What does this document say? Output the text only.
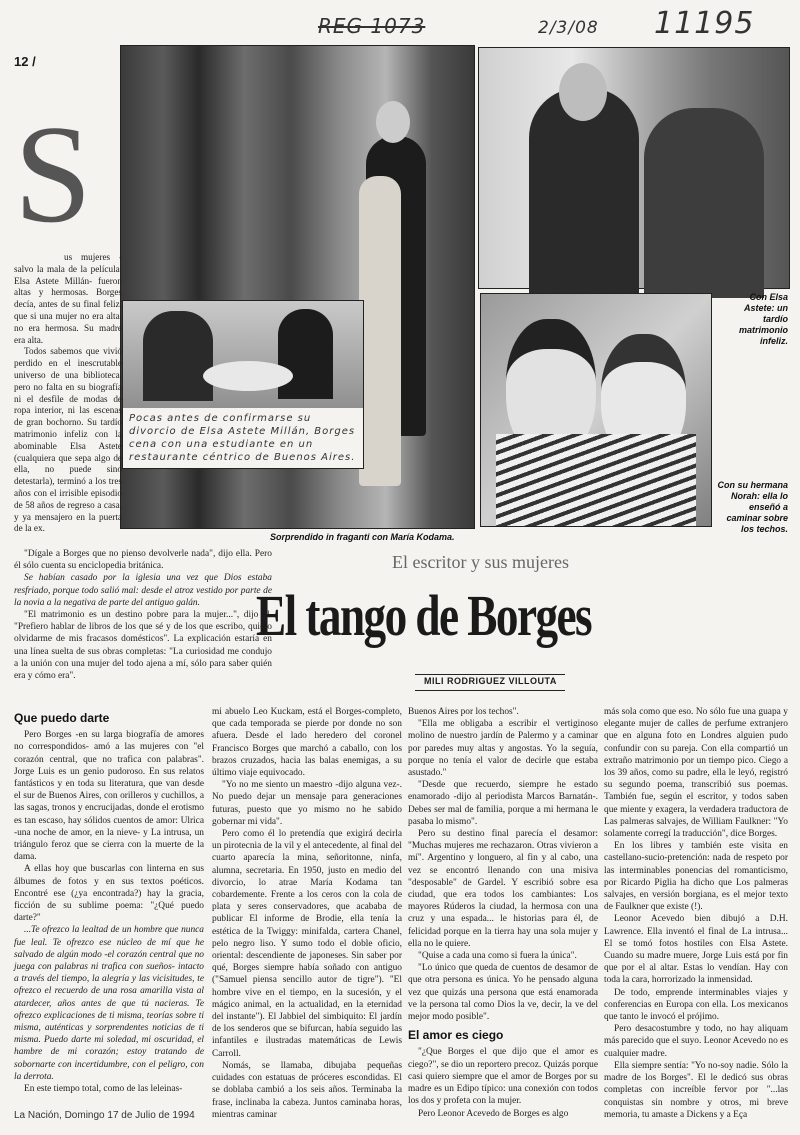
REG 1073	2/3/08 11195
12 /
S
Pocas antes de confirmarse su divorcio de Elsa Astete Millán, Borges cena con una estudiante en un restaurante céntrico de Buenos Aires.
Sorprendido in fraganti con María Kodama.
Con Elsa Astete: un tardío matrimonio infeliz.
Con su hermana Norah: ella lo enseñó a caminar sobre los techos.

us mujeres -salvo la mala de la película, Elsa Astete Millán- fueron altas y hermosas. Borges decía, antes de su final feliz, que si una mujer no era alta, no era hermosa. Su madre era alta.

Todos sabemos que vivió perdido en el inescrutable universo de una biblioteca, pero no falta en su biografía ni el desfile de modas de ropa interior, ni las escenas de gran bochorno. Su tardío matrimonio infeliz con la abominable Elsa Astete (cualquiera que sepa algo de ella, no puede sino detestarla), terminó a los tres años con el irrisible episodio de 58 años de regreso a casa, y ya mensajero en la puerta de la ex.

"Dígale a Borges que no pienso devolverle nada", dijo ella. Pero él sólo cuenta su enciclopedia británica.

Se habían casado por la iglesia una vez que Dios estaba resfriado, porque todo salió mal: desde el atroz vestido por parte de la novia a la negativa de parte del antiguo galán.

"El matrimonio es un destino pobre para la mujer...", dijo él. "Prefiero hablar de libros de los que sé y de los que escribo, quiero olvidarme de mis fracasos domésticos". La explicación estaría en una línea suelta de sus obras completas: "La curiosidad me condujo a la unión con una mujer del todo ajena a mí, sólo para saber quién era y cómo era".

El escritor y sus mujeres
El tango de Borges
MILI RODRIGUEZ VILLOUTA
Que puedo darte

Pero Borges -en su larga biografía de amores no correspondidos- amó a las mujeres con "el corazón central, que no trafica con palabras". Jorge Luis es un genio pudoroso. En sus relatos fantásticos y en toda su literatura, que van desde el sur de Buenos Aires, con orilleros y cuchillos, a las sagas, tronos y encrucijadas, donde el erotismo es tan escaso, hay sólidos cuentos de amor: Ulrica -una noche de amor, en la nieve- y La intrusa, un triángulo feroz que se cierra con la muerte de la dama.

A ellas hoy que buscarlas con linterna en sus álbumes de fotos y en sus textos poéticos. Encontré ese (¿ya encontrada?) hay la gracia, ficción de su sublime poema: "¿Qué puedo darte?"

...Te ofrezco la lealtad de un hombre que nunca fue leal. Te ofrezco ese núcleo de mí que he salvado de algún modo -el corazón central que no juega con palabras ni trafica con sueños- intacto a través del tiempo, la alegría y las vicisitudes, te ofrezco el recuerdo de una rosa amarilla vista al atardecer, años antes de que tú nacieras. Te ofrezco explicaciones de ti misma, teorías sobre ti misma, auténticas y sorprendentes noticias de ti misma. Puedo darte mi soledad, mi oscuridad, el hambre de mi corazón; estoy tratando de sobornarte con incertidumbre, con el peligro, con la derrota.

En este tiempo total, como de las leleinas-

mi abuelo Leo Kuckam, está el Borges-completo, que cada temporada se pierde por donde no son afuera. Desde el lado heredero del coronel Francisco Borges que marchó a caballo, con los brazos cruzados, hacia las balas enemigas, a su último viaje equivocado.

"Yo no me siento un maestro -dijo alguna vez-. No puedo dejar un mensaje para generaciones futuras, puesto que yo mismo no he sabido gobernar mi vida".

Pero como él lo pretendía que exigirá decirla un pirotecnia de la vil y el antecedente, al final del cuarto aparecía la mina, señoritonne, ninfa, alumna, secretaria. En 1950, justo en medio del divorcio, lo atrae María Kodama tan cobardemente. Frente a los ceros con la cola de plata y seres conservadores, que acababa de publicar El informe de Brodie, ella tenía la estética de la Twiggy: minifalda, cartera Chanel, pelo negro liso. Y sumo todo el doble oficio, oriental: descendiente de japoneses. Sin saber por qué, Borges siempre había soñado con antiguo ("Samuel piensa sencillo autor de tigre"). "El hombre vive en el tiempo, en la sucesión, y el mágico animal, en la actualidad, en la eternidad del instante"). El Jabbiel del simbiquito: El jardín de los senderos que se bifurcan, había seguido las infantiles e ilustradas matemáticas de Lewis Carroll.

Nomás, se llamaba, dibujaba pequeñas cuidades con estatuas de próceres escondidas. El se doblaba cambió a los seis años. Terminaba la frase, inclinaba la cabeza. Juntos caminaba horas, mientras caminar

Buenos Aires por los techos".

"Ella me obligaba a escribir el vertiginoso molino de nuestro jardín de Palermo y a caminar por paredes muy altas y angostas. Yo la seguía, porque no tenía el valor de decirle que estaba asustado."

"Desde que recuerdo, siempre he estado enamorado -dijo al periodista Marcos Barnatán-. Debes ser mal de familia, porque a mi hermana le pasaba lo mismo".

Pero su destino final parecía el desamor: "Muchas mujeres me rechazaron. Otras vivieron a mí". Argentino y longuero, al fin y al cabo, una vez se encontró llenando con una misiva "desposable" de Gardel. Y escribió sobre esa ciudad, que era todos los cambiantes: Los mayores Rúderos la ciudad, la hermosa con una cruz y una espada... le historias para él, de felicidad porque en la tierra hay una sola mujer y ella no le quiere.

"Quise a cada una como si fuera la única".

"Lo único que queda de cuentos de desamor de que otra persona es única. Yo he pensado alguna vez que quizás una persona que está enamorada ve la persona tal como Dios la ve, decir, la ve del mejor modo posible".

El amor es ciego

"¿Que Borges el que dijo que el amor es ciego?", se dio un reportero precoz. Quizás porque casi quiero siempre que el amor de Borges por su madre es un Edipo típico: una conexión con todos los dos y profeta con la mujer.

Pero Leonor Acevedo de Borges es algo

más sola como que eso. No sólo fue una guapa y elegante mujer de calles de perfume extranjero que en alguna foto en Londres alguien pudo confundir con su pareja. Con ella compartió un extraño matrimonio por un tiempo pico. Ciego a los 39 años, como su padre, ella le leyó, registró su segundo poema, transcribió sus poemas. También fue, según el escritor, y todos saben que miente y exagera, la verdadera traductora de Las palmeras salvajes, de William Faulkner: "Yo solamente corregí la traducción", dice Borges.

En los libres y también este visita en castellano-sucio-pretención: nada de respeto por las interminables ponencias del romanticismo, por Ricardo Piglia ha dicho que Los palmeras salvajes, en versión borgiana, es el mejor texto de Faulkner que existe (!).

Leonor Acevedo bien dibujó a D.H. Lawrence. Ella inventó el final de La intrusa... El se tomó fotos hostiles con Elsa Astete. Cuando su madre muere, Jorge Luis está por fin que por el al altar. Estas lo vendían. Hay con toda la cara, horrorizado la inmensidad.

De todo, emprende interminables viajes y conferencias en Europa con ella. Los mexicanos que tanto le invocó el prójimo.

Pero desacostumbre y todo, no hay aliquam más parecido que el suyo. Leonor Acevedo no es cualquier madre.

Ella siempre sentía: "Yo no-soy nadie. Sólo la madre de los Borges". El le dedicó sus obras completas con increíble fervor por "...las conquistas sin nombre y otros, mi breve memoria, tu amaste a Dickens y a Eça

La Nación, Domingo 17 de Julio de 1994
